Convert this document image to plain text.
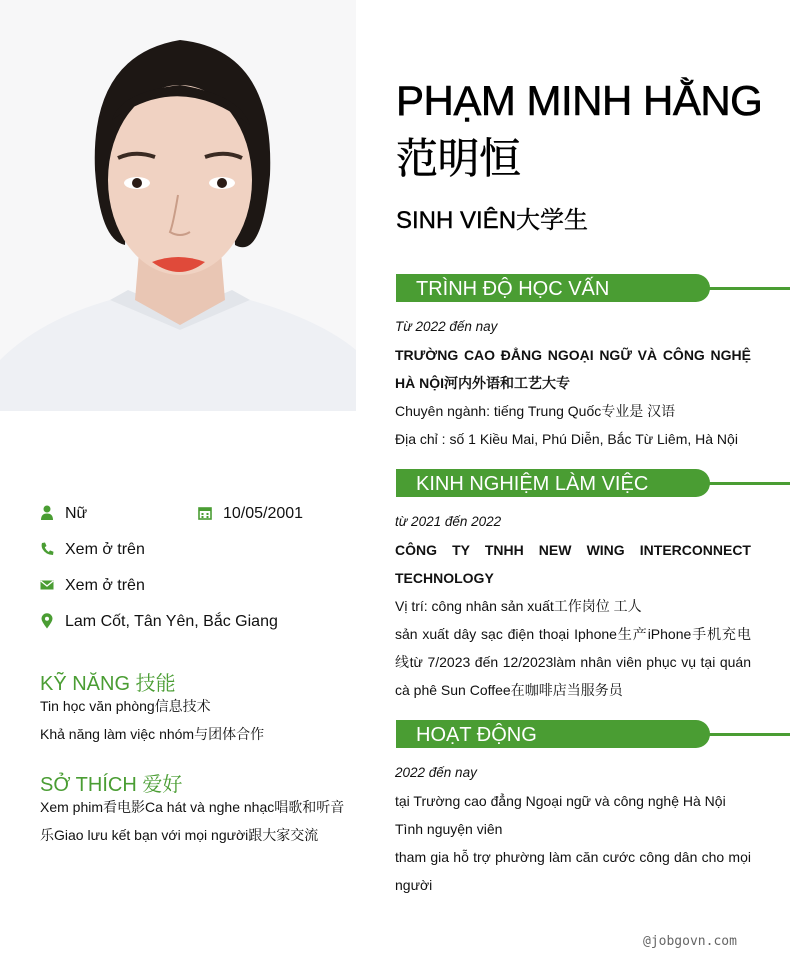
PHẠM MINH HẰNG范明恒
SINH VIÊN大学生
TRÌNH ĐỘ HỌC VẤN
Từ 2022 đến nay
TRƯỜNG CAO ĐẲNG NGOẠI NGỮ VÀ CÔNG NGHỆ
HÀ NỘI河内外语和工艺大专
Chuyên ngành: tiếng Trung Quốc专业是 汉语
Địa chỉ : số 1 Kiều Mai, Phú Diễn, Bắc Từ Liêm, Hà Nội
KINH NGHIỆM LÀM VIỆC
từ 2021 đến 2022
CÔNG TY TNHH NEW WING INTERCONNECT
TECHNOLOGY
Vị trí: công nhân sản xuất工作岗位 工人
sản xuất dây sạc điện thoại Iphone生产iPhone手机充电
线từ 7/2023 đến 12/2023làm nhân viên phục vụ tại quán
cà phê Sun Coffee在咖啡店当服务员
HOẠT ĐỘNG
2022 đến nay
tại Trường cao đẳng Ngoại ngữ và công nghệ Hà Nội
Tình nguyện viên
tham gia hỗ trợ phường làm căn cước công dân cho mọi
người
Nữ	10/05/2001
Xem ở trên
Xem ở trên
Lam Cốt, Tân Yên, Bắc Giang
KỸ NĂNG 技能
Tin học văn phòng信息技术
Khả năng làm việc nhóm与团体合作
SỞ THÍCH 爱好
Xem phim看电影Ca hát và nghe nhạc唱歌和听音
乐Giao lưu kết bạn với mọi người跟大家交流
@jobgovn.com
